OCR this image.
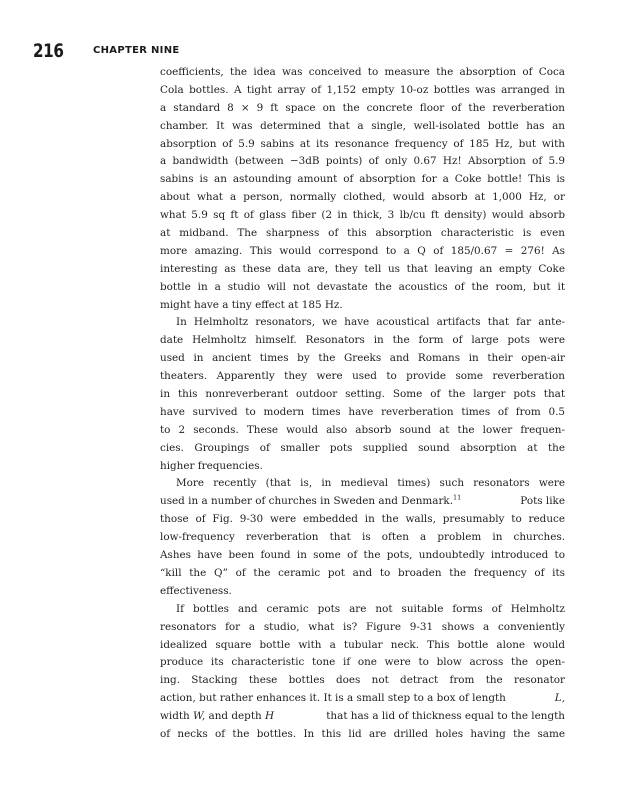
216	CHAPTER NINE
coefficients, the idea was conceived to measure the absorption of Coca
Cola bottles. A tight array of 1,152 empty 10-oz bottles was arranged in
a standard 8 × 9 ft space on the concrete floor of the reverberation
chamber. It was determined that a single, well-isolated bottle has an
absorption of 5.9 sabins at its resonance frequency of 185 Hz, but with
a bandwidth (between −3dB points) of only 0.67 Hz! Absorption of 5.9
sabins is an astounding amount of absorption for a Coke bottle! This is
about what a person, normally clothed, would absorb at 1,000 Hz, or
what 5.9 sq ft of glass fiber (2 in thick, 3 lb/cu ft density) would absorb
at midband. The sharpness of this absorption characteristic is even
more amazing. This would correspond to a Q of 185/0.67 = 276! As
interesting as these data are, they tell us that leaving an empty Coke
bottle in a studio will not devastate the acoustics of the room, but it
might have a tiny effect at 185 Hz.
In Helmholtz resonators, we have acoustical artifacts that far ante-
date Helmholtz himself. Resonators in the form of large pots were
used in ancient times by the Greeks and Romans in their open-air
theaters. Apparently they were used to provide some reverberation
in this nonreverberant outdoor setting. Some of the larger pots that
have survived to modern times have reverberation times of from 0.5
to 2 seconds. These would also absorb sound at the lower frequen-
cies. Groupings of smaller pots supplied sound absorption at the
higher frequencies.
More recently (that is, in medieval times) such resonators were
used in a number of churches in Sweden and Denmark.$^{11}$	Pots like
those of Fig. 9-30 were embedded in the walls, presumably to reduce
low-frequency reverberation that is often a problem in churches.
Ashes have been found in some of the pots, undoubtedly introduced to
“kill the Q” of the ceramic pot and to broaden the frequency of its
effectiveness.
If bottles and ceramic pots are not suitable forms of Helmholtz
resonators for a studio, what is? Figure 9-31 shows a conveniently
idealized square bottle with a tubular neck. This bottle alone would
produce its characteristic tone if one were to blow across the open-
ing. Stacking these bottles does not detract from the resonator
action, but rather enhances it. It is a small step to a box of length	L,
width W, and depth H	that has a lid of thickness equal to the length
of necks of the bottles. In this lid are drilled holes having the same
